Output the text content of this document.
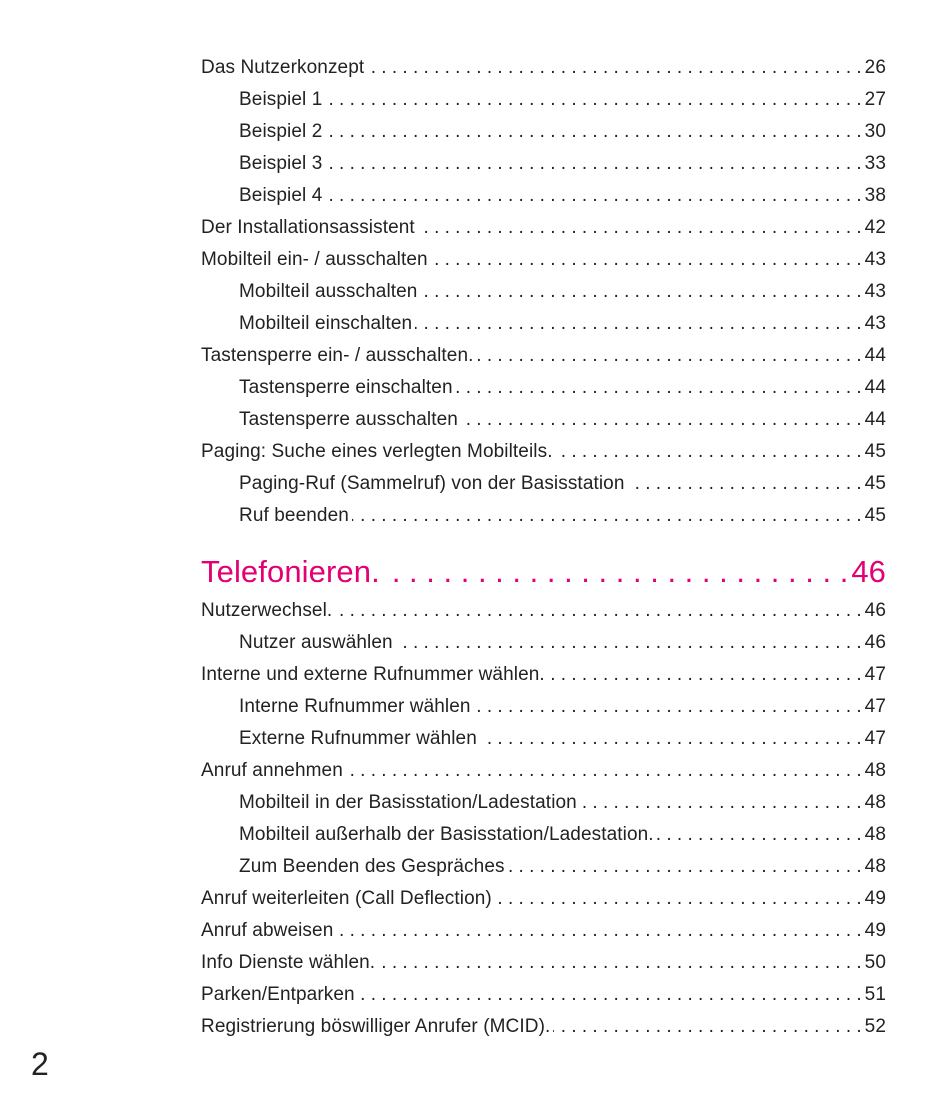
Das Nutzerkonzept . . .	26
Beispiel 1 . . .	27
Beispiel 2 . . .	30
Beispiel 3 . . .	33
Beispiel 4 . . .	38
Der Installationsassistent . . .	42
Mobilteil ein- / ausschalten . . .	43
Mobilteil ausschalten . . .	43
Mobilteil einschalten . . .	43
Tastensperre ein- / ausschalten. . . .	44
Tastensperre einschalten . . .	44
Tastensperre ausschalten . . .	44
Paging: Suche eines verlegten Mobilteils. . . .	45
Paging-Ruf (Sammelruf) von der Basisstation . . .	45
Ruf beenden . . .	45
Telefonieren. . . .	46
Nutzerwechsel. . . .	46
Nutzer auswählen . . .	46
Interne und externe Rufnummer wählen. . . .	47
Interne Rufnummer wählen . . .	47
Externe Rufnummer wählen . . .	47
Anruf annehmen . . .	48
Mobilteil in der Basisstation/Ladestation . . .	48
Mobilteil außerhalb der Basisstation/Ladestation. . . .	48
Zum Beenden des Gespräches . . .	48
Anruf weiterleiten (Call Deflection) . . .	49
Anruf abweisen . . .	49
Info Dienste wählen. . . .	50
Parken/Entparken . . .	51
Registrierung böswilliger Anrufer (MCID). . . .	52
2
